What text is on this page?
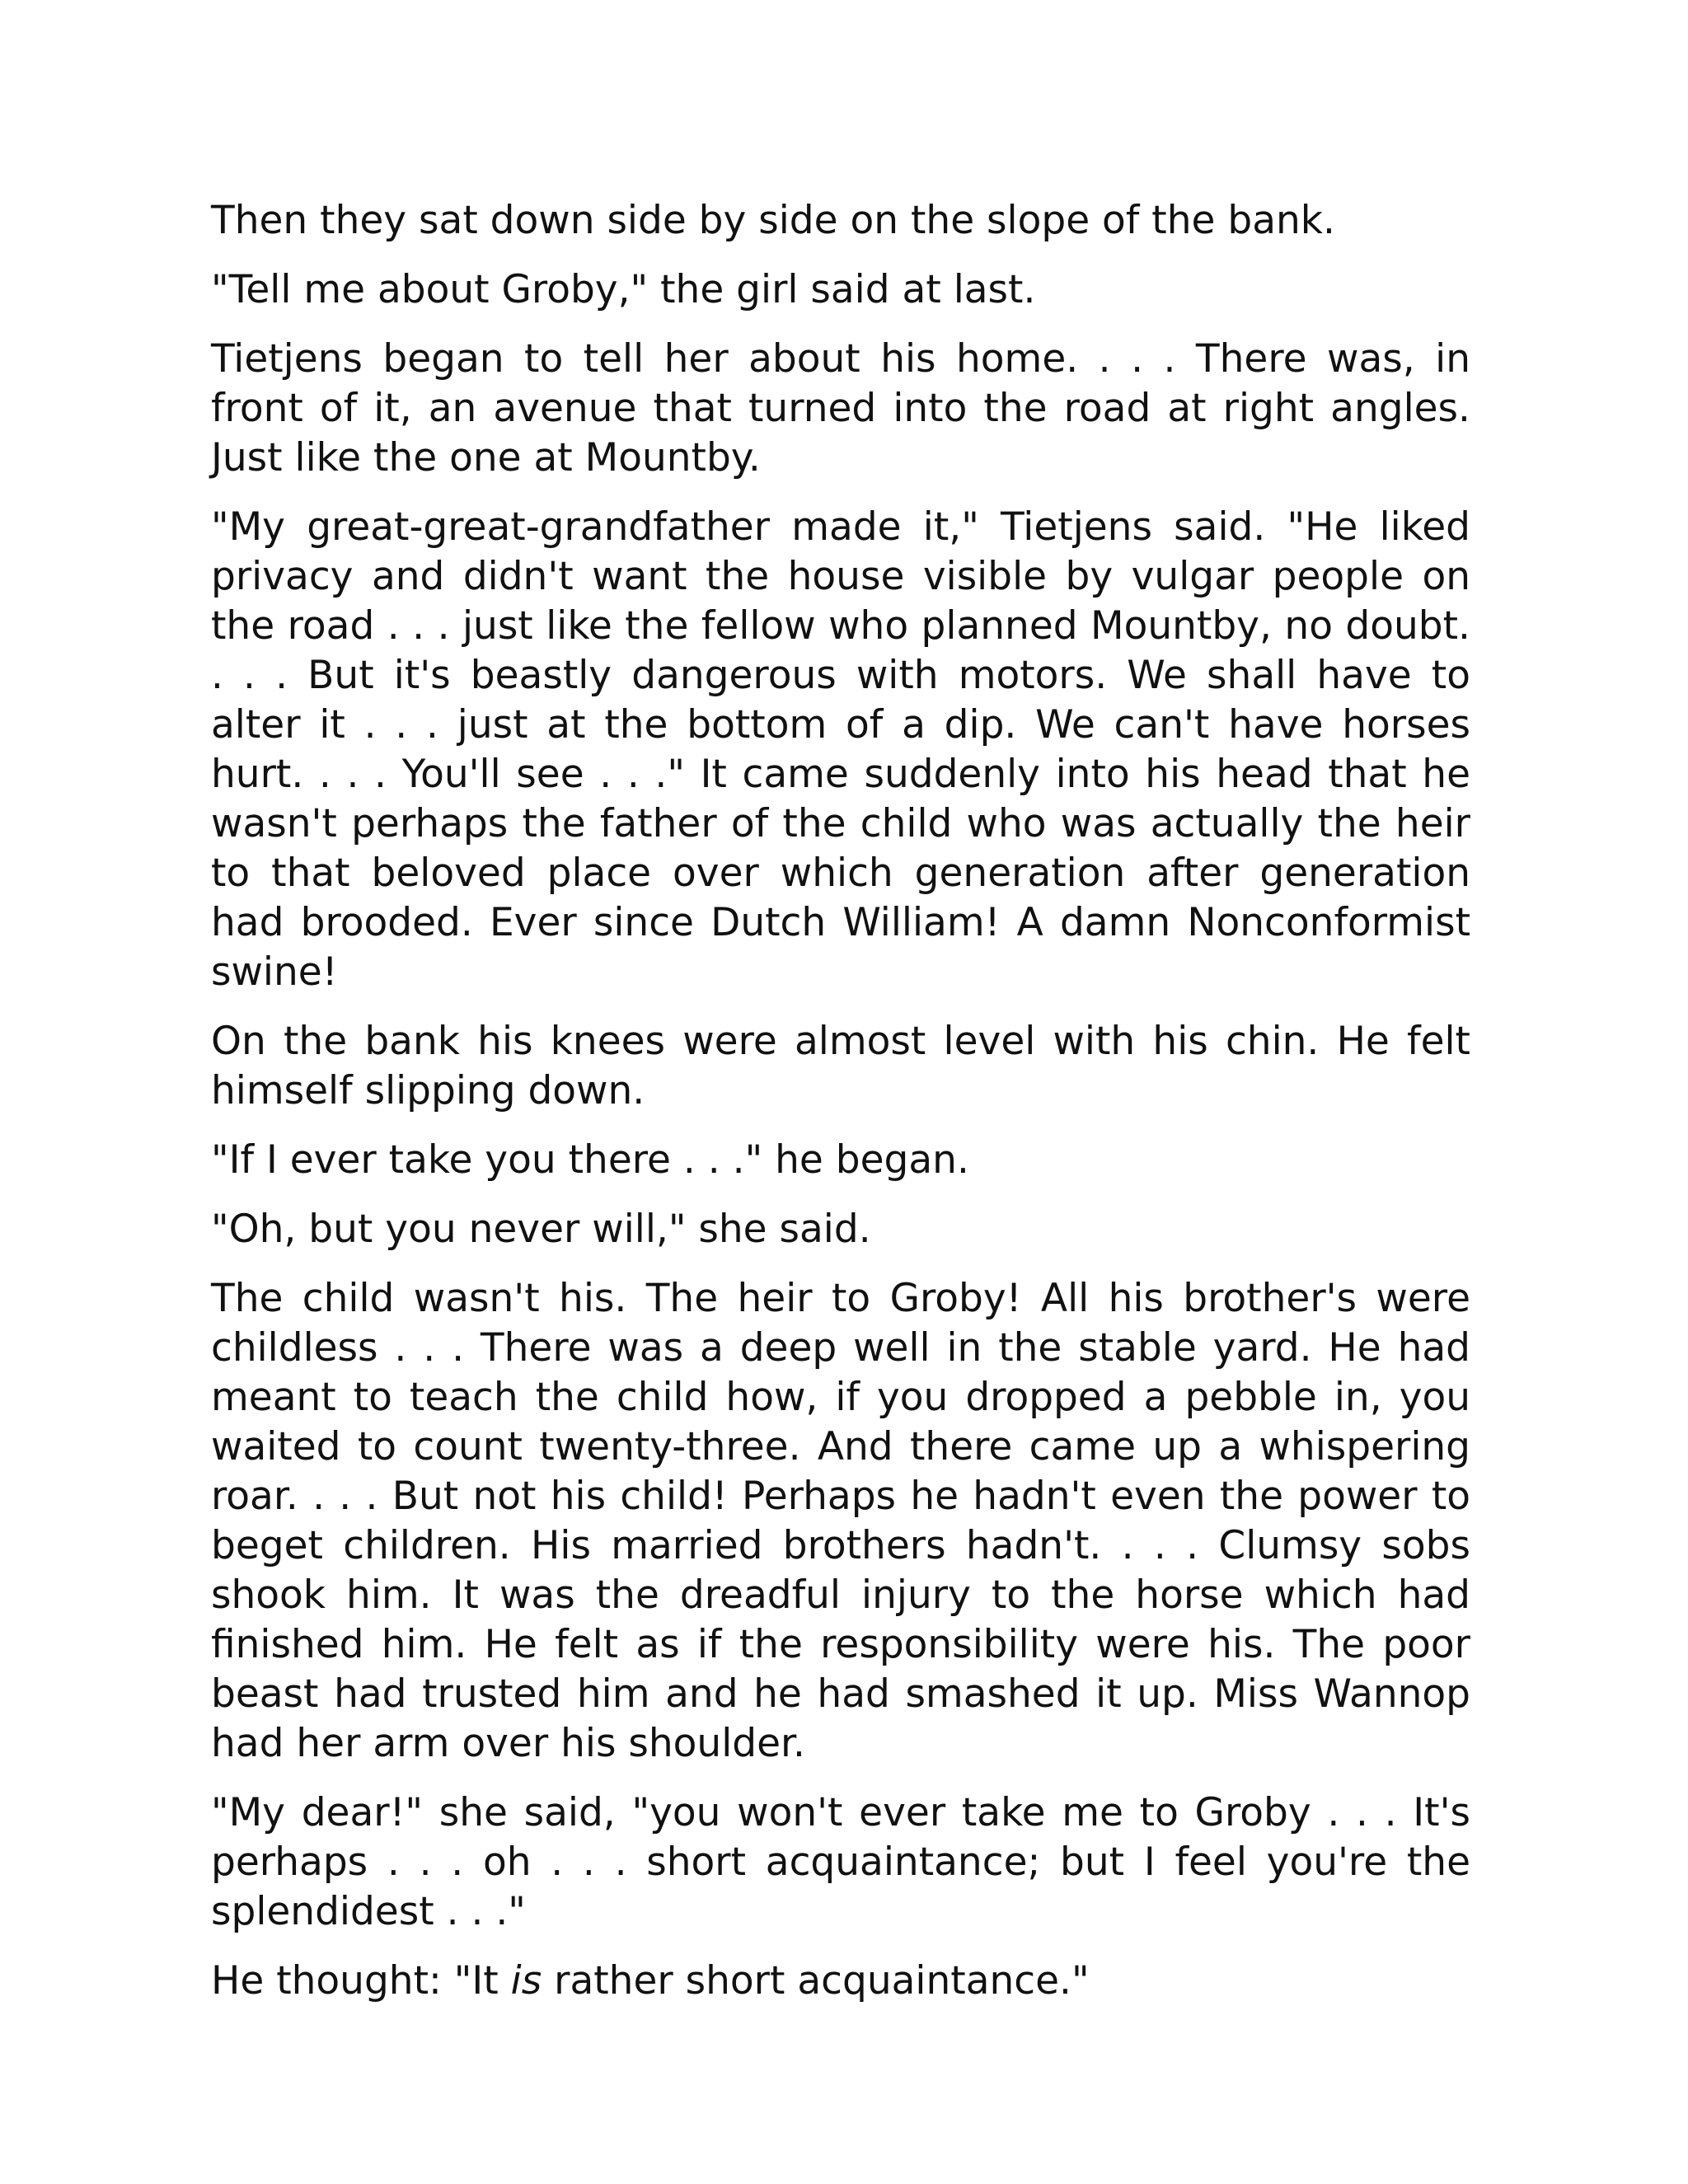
Then they sat down side by side on the slope of the bank.

"Tell me about Groby," the girl said at last.

Tietjens began to tell her about his home. . . . There was, in front of it, an avenue that turned into the road at right angles. Just like the one at Mountby.

"My great-great-grandfather made it," Tietjens said. "He liked privacy and didn't want the house visible by vulgar people on the road . . . just like the fellow who planned Mountby, no doubt. . . . But it's beastly dangerous with motors. We shall have to alter it . . . just at the bottom of a dip. We can't have horses hurt. . . . You'll see . . ." It came suddenly into his head that he wasn't perhaps the father of the child who was actually the heir to that beloved place over which generation after generation had brooded. Ever since Dutch William! A damn Nonconformist swine!

On the bank his knees were almost level with his chin. He felt himself slipping down.

"If I ever take you there . . ." he began.

"Oh, but you never will," she said.

The child wasn't his. The heir to Groby! All his brother's were childless . . . There was a deep well in the stable yard. He had meant to teach the child how, if you dropped a pebble in, you waited to count twenty-three. And there came up a whispering roar. . . . But not his child! Perhaps he hadn't even the power to beget children. His married brothers hadn't. . . . Clumsy sobs shook him. It was the dreadful injury to the horse which had finished him. He felt as if the responsibility were his. The poor beast had trusted him and he had smashed it up. Miss Wannop had her arm over his shoulder.

"My dear!" she said, "you won't ever take me to Groby . . . It's perhaps . . . oh . . . short acquaintance; but I feel you're the splendidest . . ."

He thought: "It is rather short acquaintance."
